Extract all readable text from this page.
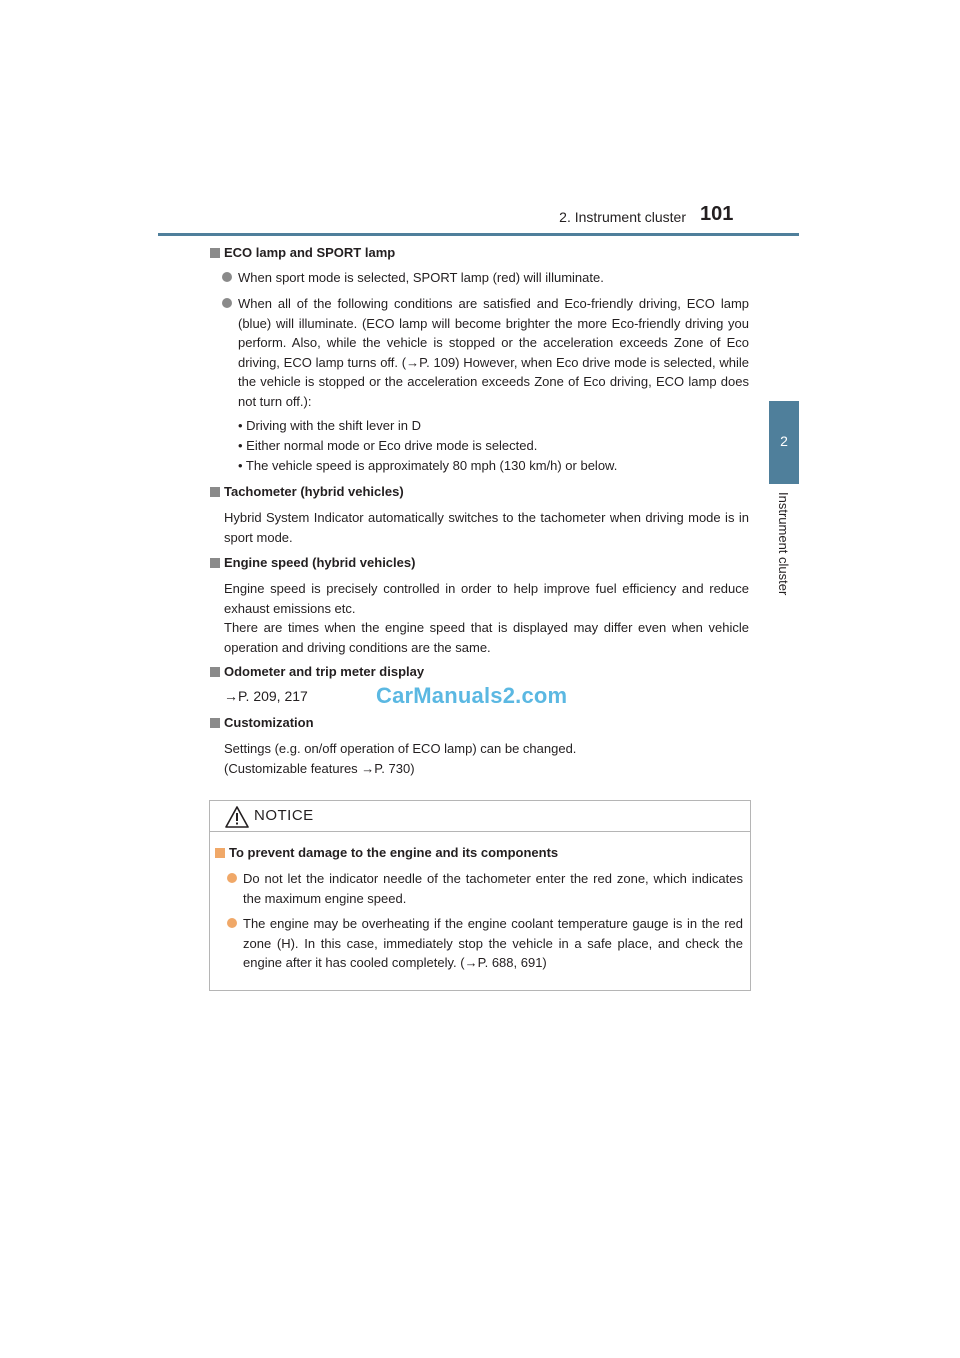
2. Instrument cluster 101
2
Instrument cluster
ECO lamp and SPORT lamp
When sport mode is selected, SPORT lamp (red) will illuminate.
When all of the following conditions are satisfied and Eco-friendly driving, ECO lamp (blue) will illuminate. (ECO lamp will become brighter the more Eco-friendly driving you perform. Also, while the vehicle is stopped or the acceleration exceeds Zone of Eco driving, ECO lamp turns off. (→P. 109) However, when Eco drive mode is selected, while the vehicle is stopped or the acceleration exceeds Zone of Eco driving, ECO lamp does not turn off.):
• Driving with the shift lever in D
• Either normal mode or Eco drive mode is selected.
• The vehicle speed is approximately 80 mph (130 km/h) or below.
Tachometer (hybrid vehicles)

Hybrid System Indicator automatically switches to the tachometer when driving mode is in sport mode.

Engine speed (hybrid vehicles)

Engine speed is precisely controlled in order to help improve fuel efficiency and reduce exhaust emissions etc.

There are times when the engine speed that is displayed may differ even when vehicle operation and driving conditions are the same.

Odometer and trip meter display
→P. 209, 217	CarManuals2.com
Customization

Settings (e.g. on/off operation of ECO lamp) can be changed.

(Customizable features →P. 730)

NOTICE
To prevent damage to the engine and its components
Do not let the indicator needle of the tachometer enter the red zone, which indicates the maximum engine speed.
The engine may be overheating if the engine coolant temperature gauge is in the red zone (H). In this case, immediately stop the vehicle in a safe place, and check the engine after it has cooled completely. (→P. 688, 691)
